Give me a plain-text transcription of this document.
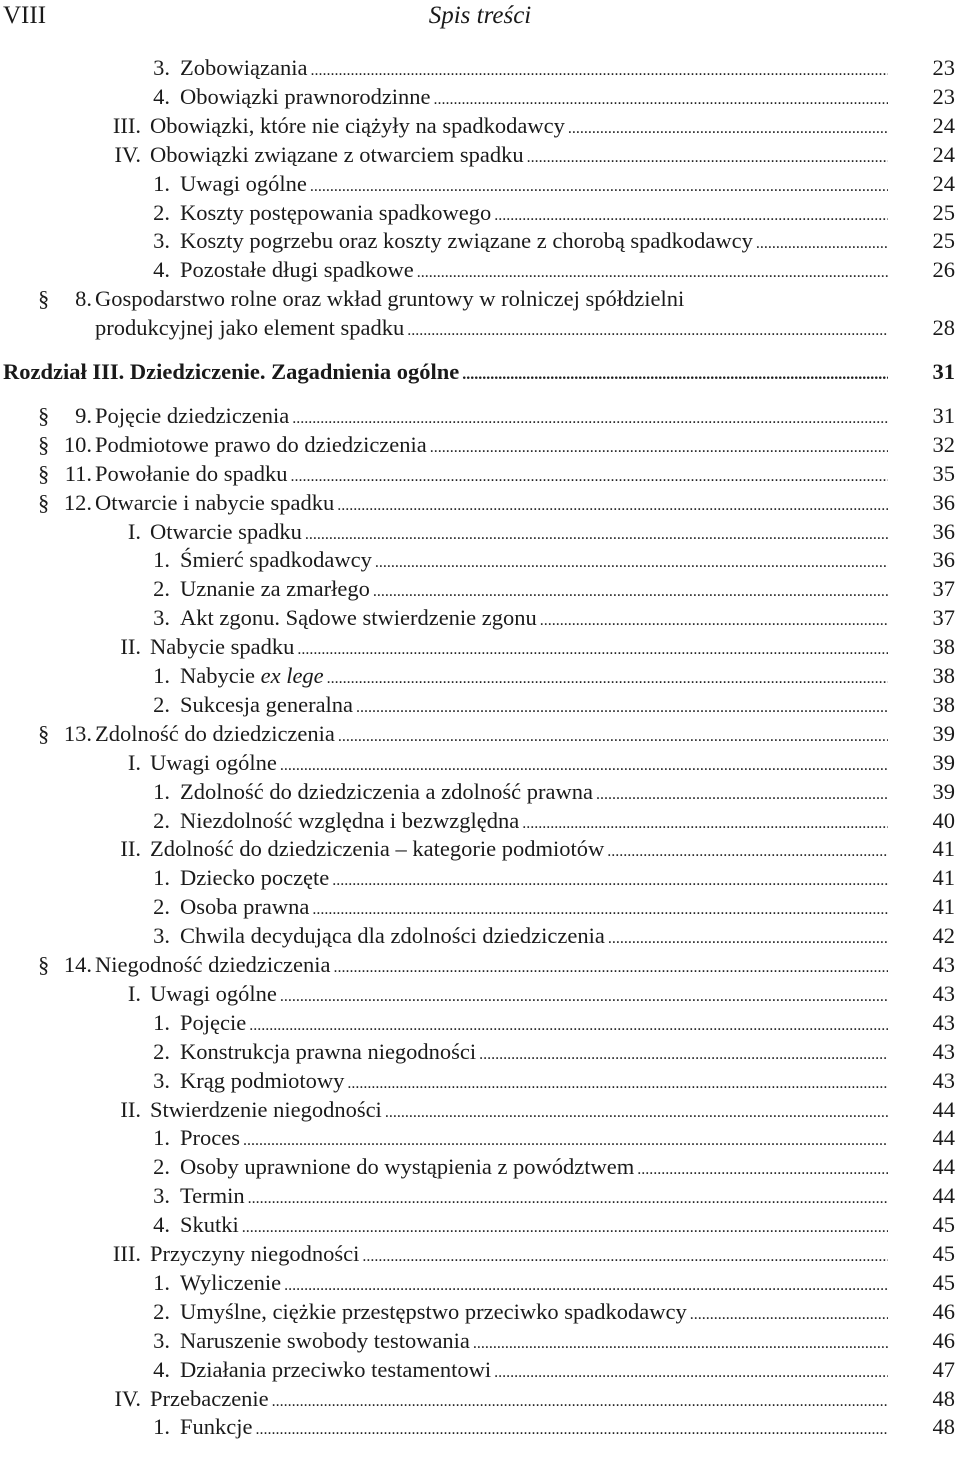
VIII	Spis treści
3. Zobowiązania .....	23
4. Obowiązki prawnorodzinne .....	23
III. Obowiązki, które nie ciążyły na spadkodawcy .....	24
IV. Obowiązki związane z otwarciem spadku .....	24
1. Uwagi ogólne .....	24
2. Koszty postępowania spadkowego .....	25
3. Koszty pogrzebu oraz koszty związane z chorobą spadkodawcy .....	25
4. Pozostałe długi spadkowe .....	26
§	8. Gospodarstwo rolne oraz wkład gruntowy w rolniczej spółdzielni
produkcyjnej jako element spadku .....	28
Rozdział III. Dziedziczenie. Zagadnienia ogólne .....	31
§	9. Pojęcie dziedziczenia .....	31
§ 10. Podmiotowe prawo do dziedziczenia .....	32
§ 11. Powołanie do spadku .....	35
§ 12. Otwarcie i nabycie spadku .....	36
I. Otwarcie spadku .....	36
1. Śmierć spadkodawcy .....	36
2. Uznanie za zmarłego .....	37
3. Akt zgonu. Sądowe stwierdzenie zgonu .....	37
II. Nabycie spadku .....	38
1. Nabycie ex lege .....	38
2. Sukcesja generalna .....	38
§ 13. Zdolność do dziedziczenia .....	39
I. Uwagi ogólne .....	39
1. Zdolność do dziedziczenia a zdolność prawna .....	39
2. Niezdolność względna i bezwzględna .....	40
II. Zdolność do dziedziczenia – kategorie podmiotów .....	41
1. Dziecko poczęte .....	41
2. Osoba prawna .....	41
3. Chwila decydująca dla zdolności dziedziczenia .....	42
§ 14. Niegodność dziedziczenia .....	43
I. Uwagi ogólne .....	43
1. Pojęcie .....	43
2. Konstrukcja prawna niegodności .....	43
3. Krąg podmiotowy .....	43
II. Stwierdzenie niegodności .....	44
1. Proces .....	44
2. Osoby uprawnione do wystąpienia z powództwem .....	44
3. Termin .....	44
4. Skutki .....	45
III. Przyczyny niegodności .....	45
1. Wyliczenie .....	45
2. Umyślne, ciężkie przestępstwo przeciwko spadkodawcy .....	46
3. Naruszenie swobody testowania .....	46
4. Działania przeciwko testamentowi .....	47
IV. Przebaczenie .....	48
1. Funkcje .....	48
